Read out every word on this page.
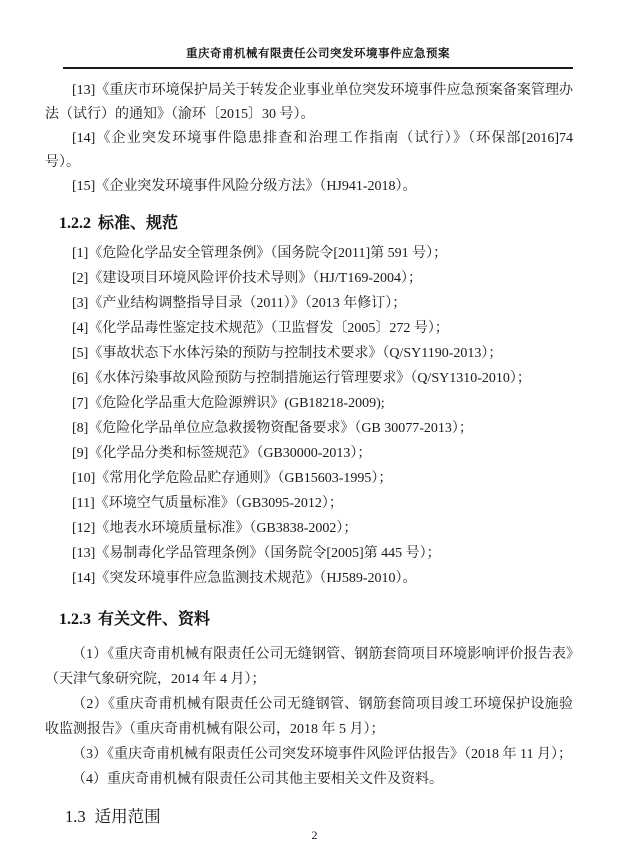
重庆奇甫机械有限责任公司突发环境事件应急预案

[13]《重庆市环境保护局关于转发企业事业单位突发环境事件应急预案备案管理办法（试行）的通知》（渝环〔2015〕30 号）。

[14]《企业突发环境事件隐患排查和治理工作指南（试行）》（环保部[2016]74 号）。

[15]《企业突发环境事件风险分级方法》（HJ941-2018）。

1.2.2 标准、规范

[1]《危险化学品安全管理条例》（国务院令[2011]第 591 号）；

[2]《建设项目环境风险评价技术导则》（HJ/T169-2004）；

[3]《产业结构调整指导目录（2011）》（2013 年修订）；

[4]《化学品毒性鉴定技术规范》（卫监督发〔2005〕272 号）；

[5]《事故状态下水体污染的预防与控制技术要求》（Q/SY1190-2013）；

[6]《水体污染事故风险预防与控制措施运行管理要求》（Q/SY1310-2010）；

[7]《危险化学品重大危险源辨识》(GB18218-2009);

[8]《危险化学品单位应急救援物资配备要求》（GB 30077-2013）；

[9]《化学品分类和标签规范》（GB30000-2013）；

[10]《常用化学危险品贮存通则》（GB15603-1995）；

[11]《环境空气质量标准》（GB3095-2012）；

[12]《地表水环境质量标准》（GB3838-2002）；

[13]《易制毒化学品管理条例》（国务院令[2005]第 445 号）；

[14]《突发环境事件应急监测技术规范》（HJ589-2010）。

1.2.3 有关文件、资料

（1）《重庆奇甫机械有限责任公司无缝钢管、钢筋套筒项目环境影响评价报告表》（天津气象研究院，2014 年 4 月）；

（2）《重庆奇甫机械有限责任公司无缝钢管、钢筋套筒项目竣工环境保护设施验收监测报告》（重庆奇甫机械有限公司，2018 年 5 月）；

（3）《重庆奇甫机械有限责任公司突发环境事件风险评估报告》（2018 年 11 月）；

（4）重庆奇甫机械有限责任公司其他主要相关文件及资料。

1.3 适用范围
2
